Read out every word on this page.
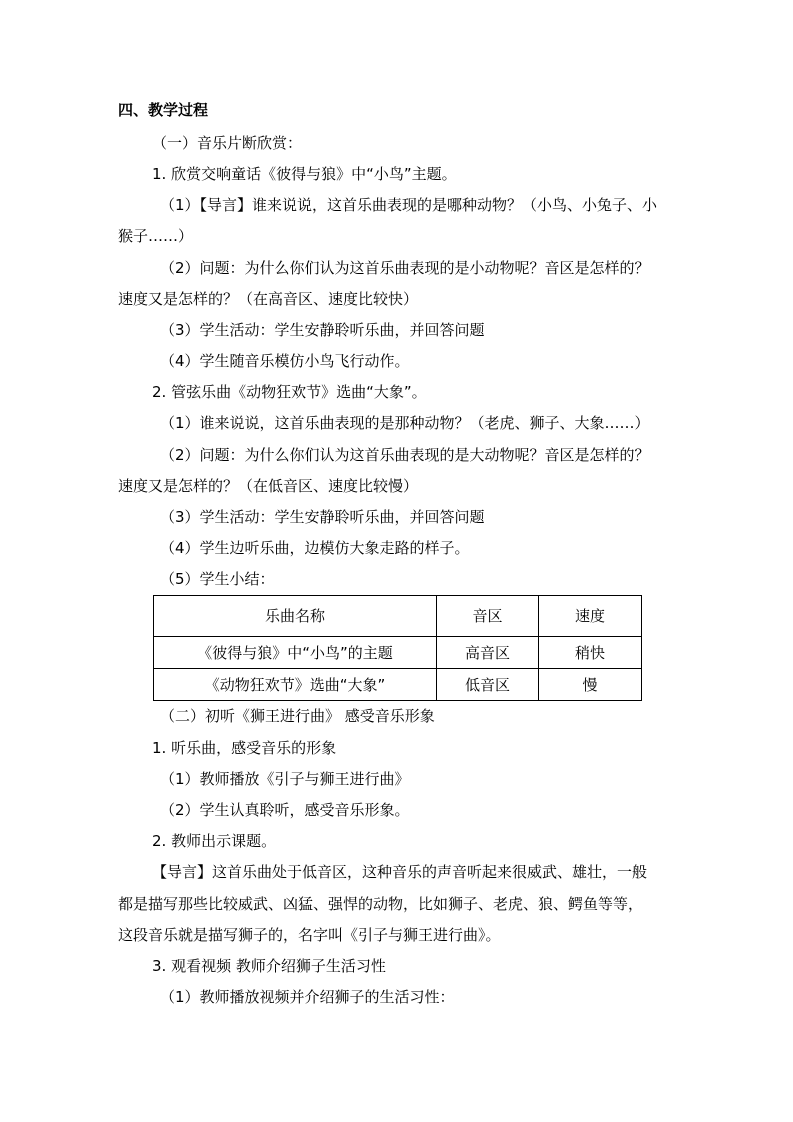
四、教学过程
（一）音乐片断欣赏：
1. 欣赏交响童话《彼得与狼》中“小鸟”主题。
（1）【导言】谁来说说，这首乐曲表现的是哪种动物？（小鸟、小兔子、小
猴子……）
（2）问题：为什么你们认为这首乐曲表现的是小动物呢？音区是怎样的？
速度又是怎样的？（在高音区、速度比较快）
（3）学生活动：学生安静聆听乐曲，并回答问题
（4）学生随音乐模仿小鸟飞行动作。
2. 管弦乐曲《动物狂欢节》选曲“大象”。
（1）谁来说说，这首乐曲表现的是那种动物？（老虎、狮子、大象……）
（2）问题：为什么你们认为这首乐曲表现的是大动物呢？音区是怎样的？
速度又是怎样的？（在低音区、速度比较慢）
（3）学生活动：学生安静聆听乐曲，并回答问题
（4）学生边听乐曲，边模仿大象走路的样子。
（5）学生小结：
乐曲名称	音区	速度
《彼得与狼》中“小鸟”的主题	高音区	稍快
《动物狂欢节》选曲“大象”	低音区	慢
（二）初听《狮王进行曲》 感受音乐形象
1. 听乐曲，感受音乐的形象
（1）教师播放《引子与狮王进行曲》
（2）学生认真聆听，感受音乐形象。
2. 教师出示课题。
【导言】这首乐曲处于低音区，这种音乐的声音听起来很威武、雄壮，一般
都是描写那些比较威武、凶猛、强悍的动物，比如狮子、老虎、狼、鳄鱼等等，
这段音乐就是描写狮子的，名字叫《引子与狮王进行曲》。
3. 观看视频 教师介绍狮子生活习性
（1）教师播放视频并介绍狮子的生活习性：
